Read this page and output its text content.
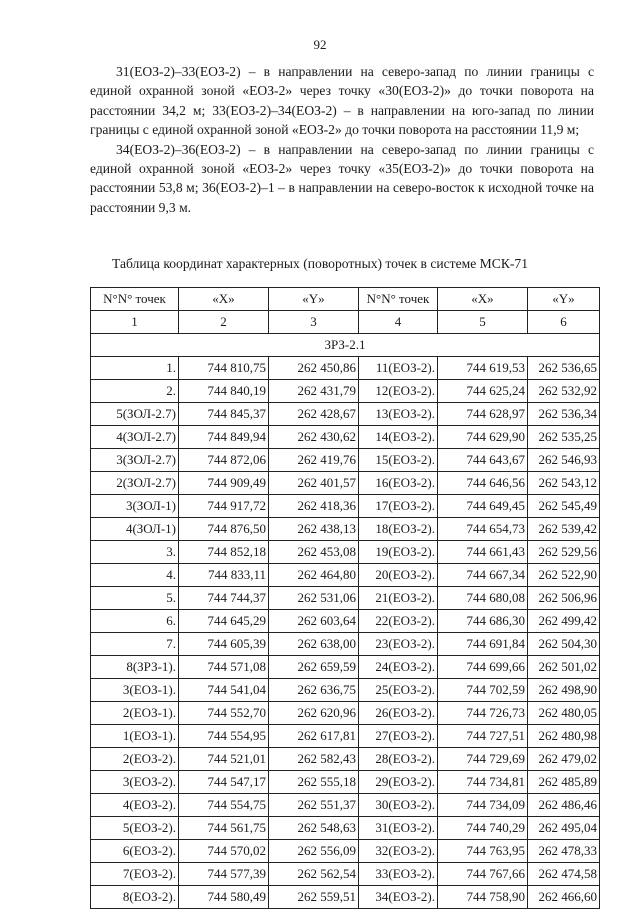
92

31(ЕОЗ-2)–33(ЕОЗ-2) – в направлении на северо-запад по линии границы с единой охранной зоной «ЕОЗ-2» через точку «30(ЕОЗ-2)» до точки поворота на расстоянии 34,2 м; 33(ЕОЗ-2)–34(ЕОЗ-2) – в направлении на юго-запад по линии границы с единой охранной зоной «ЕОЗ-2» до точки поворота на расстоянии 11,9 м;

34(ЕОЗ-2)–36(ЕОЗ-2) – в направлении на северо-запад по линии границы с единой охранной зоной «ЕОЗ-2» через точку «35(ЕОЗ-2)» до точки поворота на расстоянии 53,8 м; 36(ЕОЗ-2)–1 – в направлении на северо-восток к исходной точке на расстоянии 9,3 м.

Таблица координат характерных (поворотных) точек в системе МСК-71
N°N° точек	«X»	«Y»	N°N° точек	«X»	«Y»
1	2	3	4	5	6
ЗРЗ-2.1					
1.	744 810,75	262 450,86	11(ЕОЗ-2).	744 619,53	262 536,65
2.	744 840,19	262 431,79	12(ЕОЗ-2).	744 625,24	262 532,92
5(ЗОЛ-2.7)	744 845,37	262 428,67	13(ЕОЗ-2).	744 628,97	262 536,34
4(ЗОЛ-2.7)	744 849,94	262 430,62	14(ЕОЗ-2).	744 629,90	262 535,25
3(ЗОЛ-2.7)	744 872,06	262 419,76	15(ЕОЗ-2).	744 643,67	262 546,93
2(ЗОЛ-2.7)	744 909,49	262 401,57	16(ЕОЗ-2).	744 646,56	262 543,12
3(ЗОЛ-1)	744 917,72	262 418,36	17(ЕОЗ-2).	744 649,45	262 545,49
4(ЗОЛ-1)	744 876,50	262 438,13	18(ЕОЗ-2).	744 654,73	262 539,42
3.	744 852,18	262 453,08	19(ЕОЗ-2).	744 661,43	262 529,56
4.	744 833,11	262 464,80	20(ЕОЗ-2).	744 667,34	262 522,90
5.	744 744,37	262 531,06	21(ЕОЗ-2).	744 680,08	262 506,96
6.	744 645,29	262 603,64	22(ЕОЗ-2).	744 686,30	262 499,42
7.	744 605,39	262 638,00	23(ЕОЗ-2).	744 691,84	262 504,30
8(ЗРЗ-1).	744 571,08	262 659,59	24(ЕОЗ-2).	744 699,66	262 501,02
3(ЕОЗ-1).	744 541,04	262 636,75	25(ЕОЗ-2).	744 702,59	262 498,90
2(ЕОЗ-1).	744 552,70	262 620,96	26(ЕОЗ-2).	744 726,73	262 480,05
1(ЕОЗ-1).	744 554,95	262 617,81	27(ЕОЗ-2).	744 727,51	262 480,98
2(ЕОЗ-2).	744 521,01	262 582,43	28(ЕОЗ-2).	744 729,69	262 479,02
3(ЕОЗ-2).	744 547,17	262 555,18	29(ЕОЗ-2).	744 734,81	262 485,89
4(ЕОЗ-2).	744 554,75	262 551,37	30(ЕОЗ-2).	744 734,09	262 486,46
5(ЕОЗ-2).	744 561,75	262 548,63	31(ЕОЗ-2).	744 740,29	262 495,04
6(ЕОЗ-2).	744 570,02	262 556,09	32(ЕОЗ-2).	744 763,95	262 478,33
7(ЕОЗ-2).	744 577,39	262 562,54	33(ЕОЗ-2).	744 767,66	262 474,58
8(ЕОЗ-2).	744 580,49	262 559,51	34(ЕОЗ-2).	744 758,90	262 466,60
